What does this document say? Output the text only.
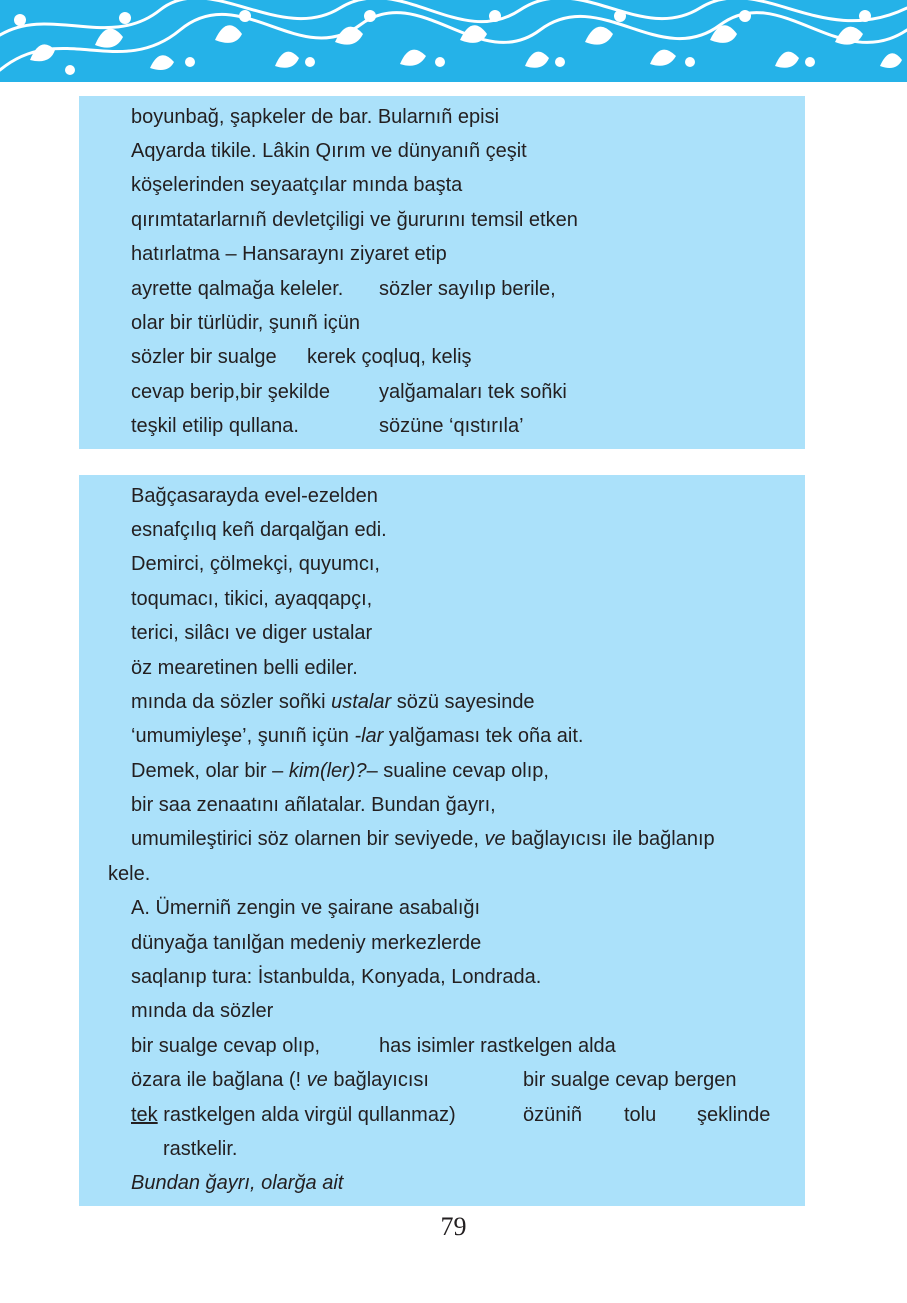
boyunbağ, şapkeler de bar. Bularnıñ episi
Aqyarda tikile. Lâkin Qırım ve dünyanıñ çeşit
köşelerinden seyaatçılar mında başta
qırımtatarlarnıñ devletçiligi ve ğururını temsil etken
hatırlatma – Hansaraynı ziyaret etip
ayrette qalmağa keleler. sözler sayılıp berile,
olar bir türlüdir, şunıñ içün
sözler bir sualge kerek çoqluq, keliş
cevap berip,bir şekilde yalğamaları tek soñki
teşkil etilip qullana.	sözüne ‘qıstırıla’
Bağçasarayda evel-ezelden
esnafçılıq keñ darqalğan edi.
Demirci, çölmekçi, quyumcı,
toqumacı, tikici, ayaqqapçı,
terici, silâcı ve diger ustalar
öz mearetinen belli ediler.
mında da sözler soñki ustalar sözü sayesinde
‘umumiyleşe’, şunıñ içün -lar yalğaması tek oña ait.
Demek, olar bir – kim(ler)?– sualine cevap olıp,
bir saa zenaatını añlatalar. Bundan ğayrı,
umumileştirici söz olarnen bir seviyede, ve bağlayıcısı ile bağlanıp
kele.
A. Ümerniñ zengin ve şairane asabalığı
dünyağa tanılğan medeniy merkezlerde
saqlanıp tura: İstanbulda, Konyada, Londrada.
mında da sözler
bir sualge cevap olıp,	has isimler rastkelgen alda
özara ile bağlana (! ve bağlayıcısı	bir sualge cevap bergen
tek rastkelgen alda virgül qullanmaz)	özüniñ tolu şeklinde
rastkelir.
Bundan ğayrı, olarğa ait
79
